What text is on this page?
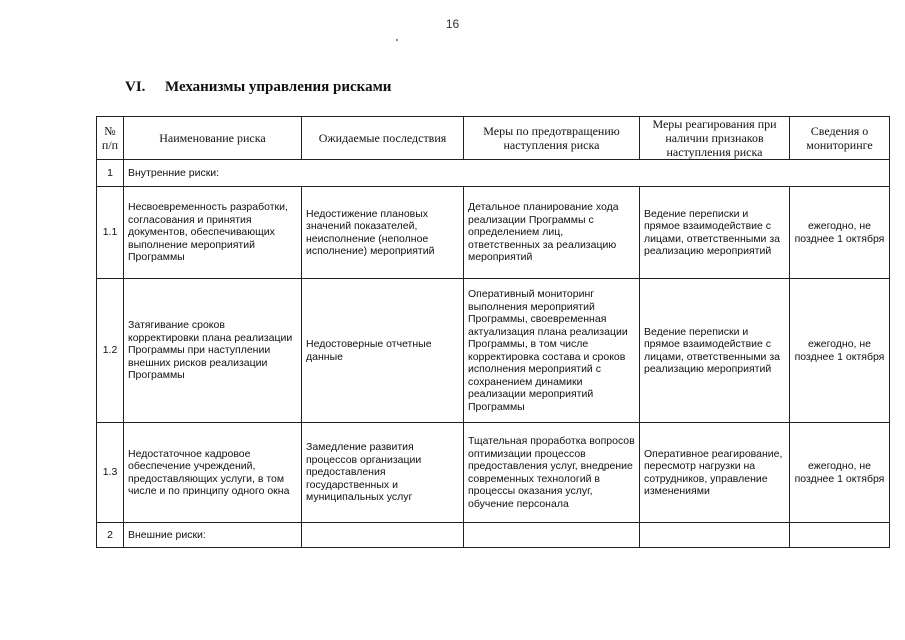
16
VI. Механизмы управления рисками
№ п/п	Наименование риска	Ожидаемые последствия	Меры по предотвращению наступления риска	Меры реагирования при наличии признаков наступления риска	Сведения о мониторинге
1	Внутренние риски:				
1.1	Несвоевременность разработки, согласования и принятия документов, обеспечивающих выполнение мероприятий Программы	Недостижение плановых значений показателей, неисполнение (неполное исполнение) мероприятий	Детальное планирование хода реализации Программы с определением лиц, ответственных за реализацию мероприятий	Ведение переписки и прямое взаимодействие с лицами, ответственными за реализацию мероприятий	ежегодно, не позднее 1 октября
1.2	Затягивание сроков корректировки плана реализации Программы при наступлении внешних рисков реализации Программы	Недостоверные отчетные данные	Оперативный мониторинг выполнения мероприятий Программы, своевременная актуализация плана реализации Программы, в том числе корректировка состава и сроков исполнения мероприятий с сохранением динамики реализации мероприятий Программы	Ведение переписки и прямое взаимодействие с лицами, ответственными за реализацию мероприятий	ежегодно, не позднее 1 октября
1.3	Недостаточное кадровое обеспечение учреждений, предоставляющих услуги, в том числе и по принципу одного окна	Замедление развития процессов организации предоставления государственных и муниципальных услуг	Тщательная проработка вопросов оптимизации процессов предоставления услуг, внедрение современных технологий в процессы оказания услуг, обучение персонала	Оперативное реагирование, пересмотр нагрузки на сотрудников, управление изменениями	ежегодно, не позднее 1 октября
2	Внешние риски:				
